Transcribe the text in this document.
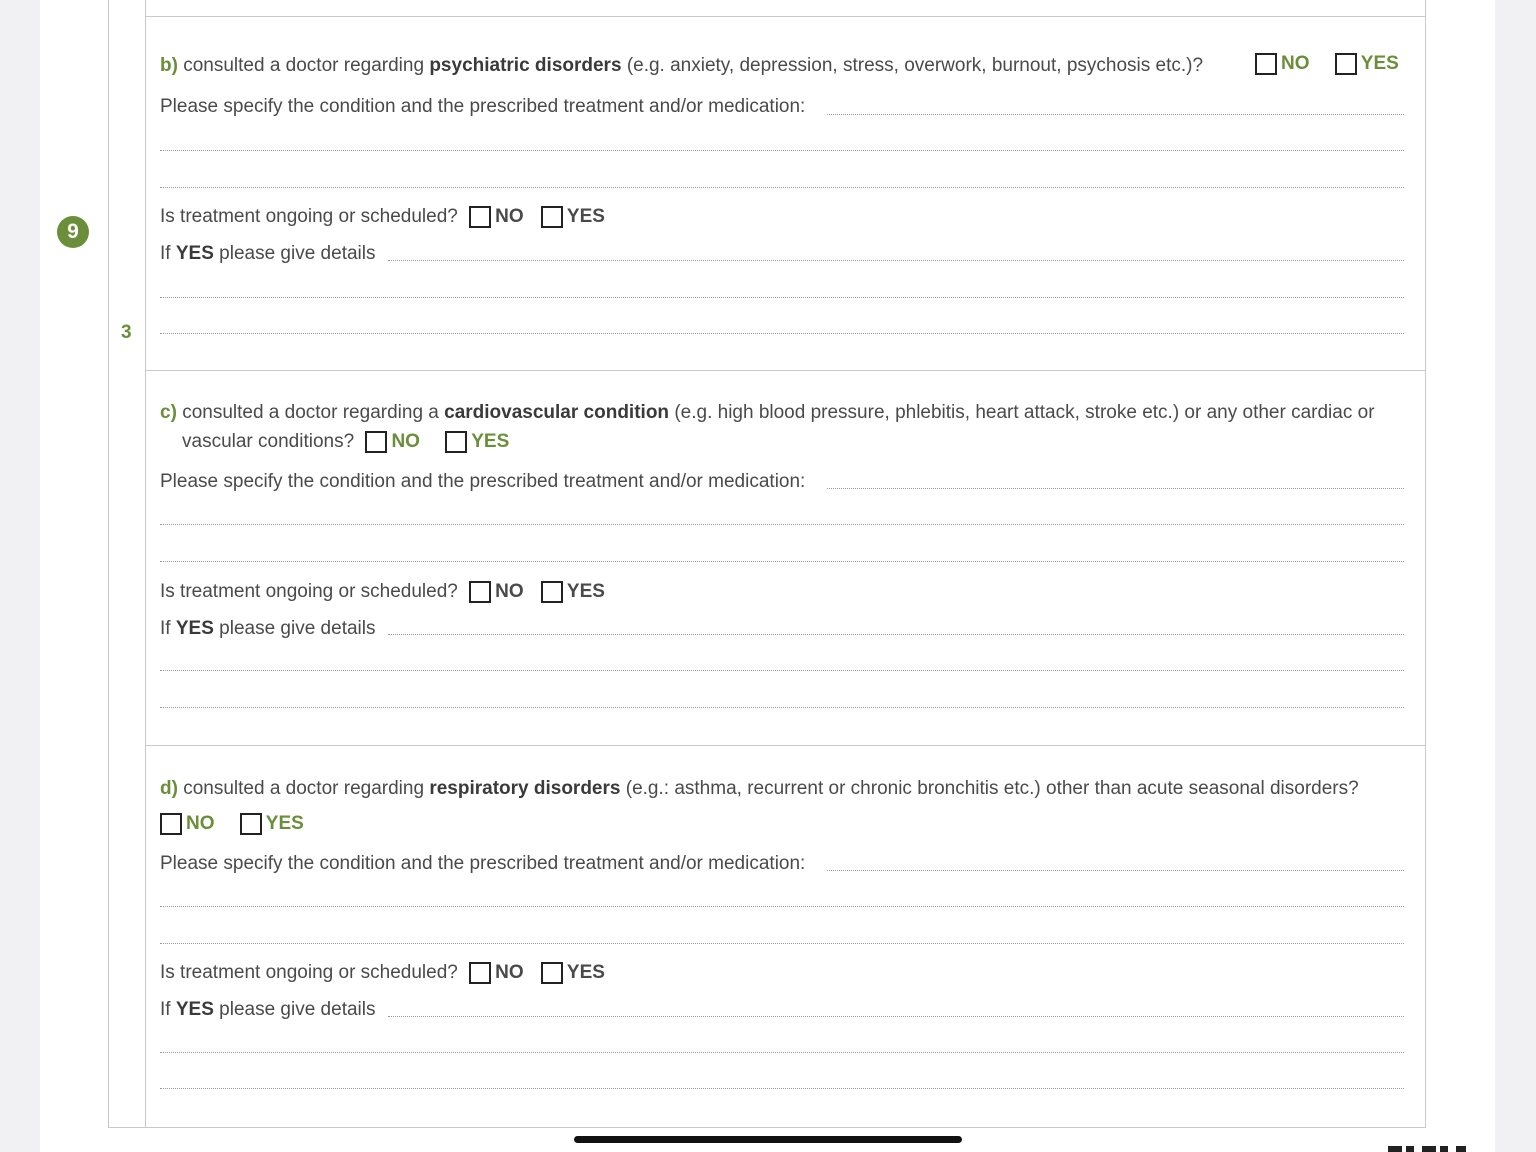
9
3
b) consulted a doctor regarding psychiatric disorders (e.g. anxiety, depression, stress, overwork, burnout, psychosis etc.)?	NO
	YES
Please specify the condition and the prescribed treatment and/or medication:
Is treatment ongoing or scheduled? NO
YES
If YES please give details
c) consulted a doctor regarding a cardiovascular condition (e.g. high blood pressure, phlebitis, heart attack, stroke etc.) or any other cardiac or
vascular conditions? NO
	YES
Please specify the condition and the prescribed treatment and/or medication:
Is treatment ongoing or scheduled? NO
YES
If YES please give details
d) consulted a doctor regarding respiratory disorders (e.g.: asthma, recurrent or chronic bronchitis etc.) other than acute seasonal disorders?
NO
	YES
Please specify the condition and the prescribed treatment and/or medication:
Is treatment ongoing or scheduled? NO
YES
If YES please give details
